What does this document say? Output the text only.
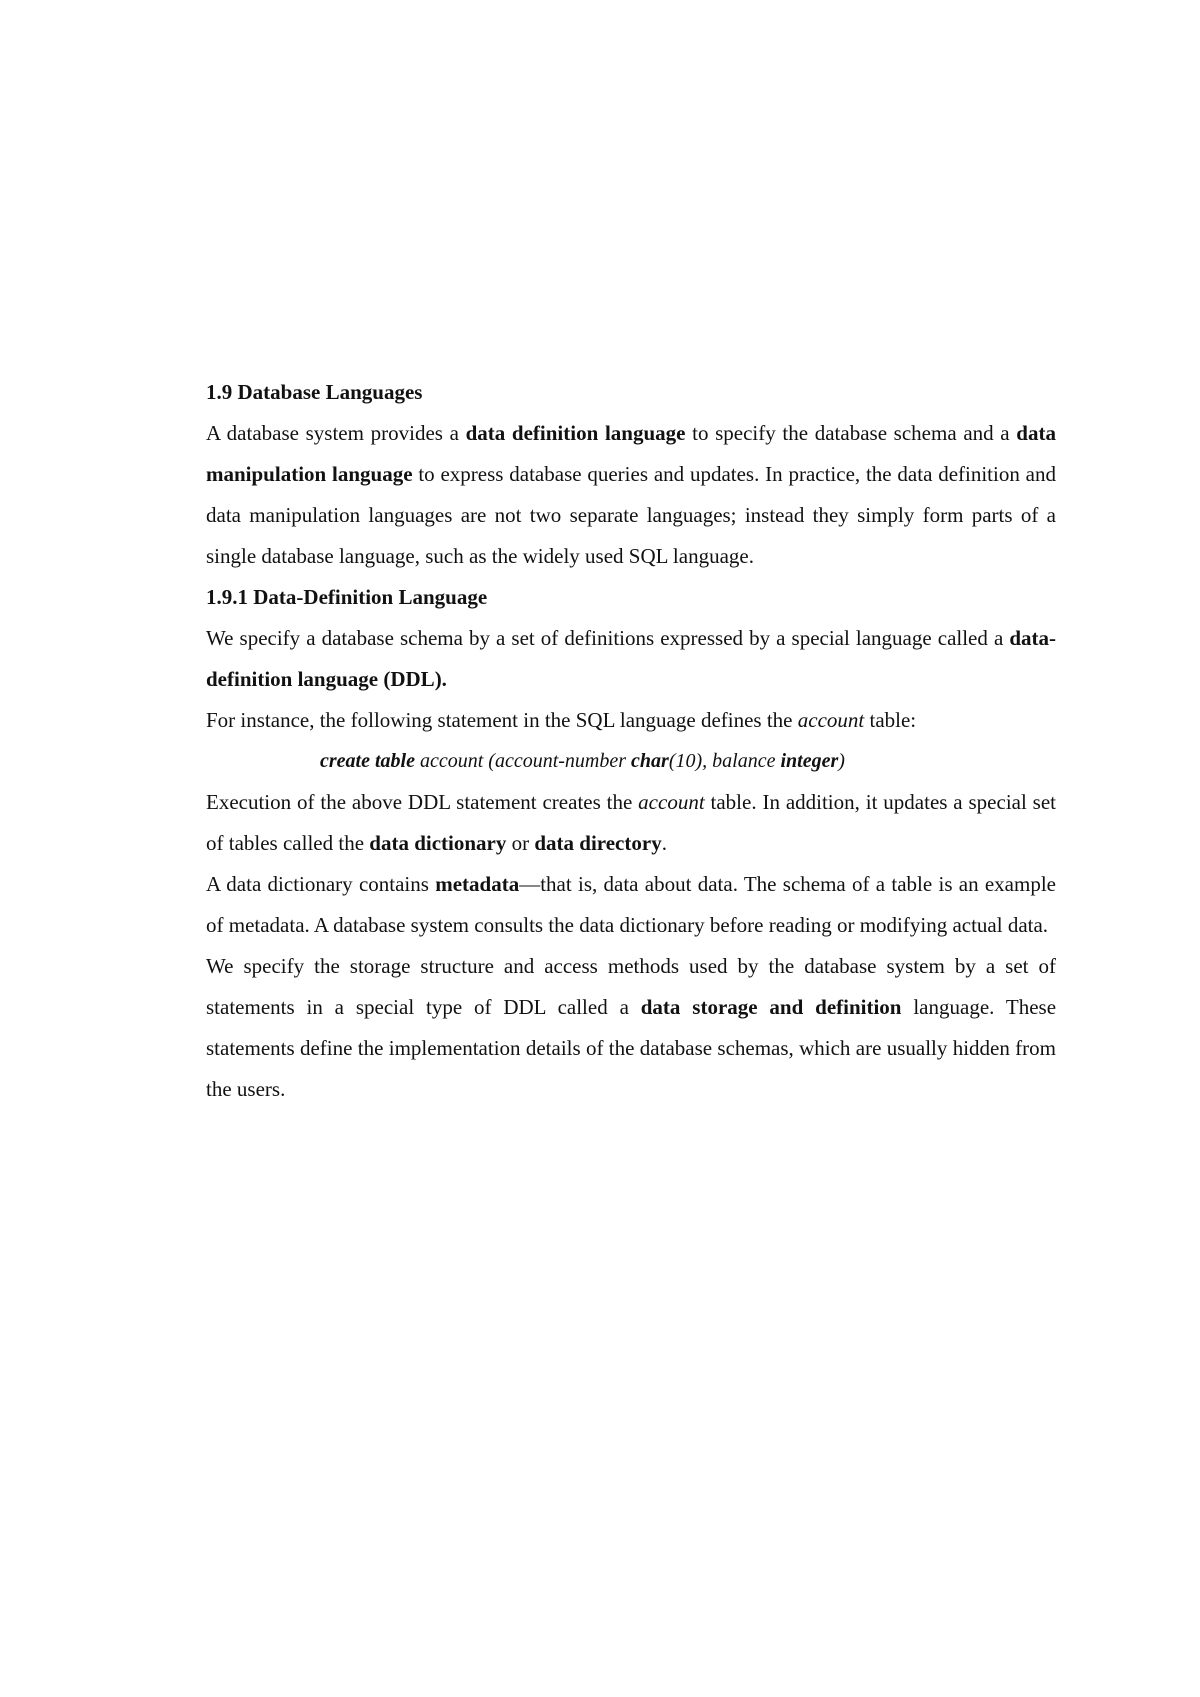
1.9 Database Languages

A database system provides a data definition language to specify the database schema and a data manipulation language to express database queries and updates. In practice, the data definition and data manipulation languages are not two separate languages; instead they simply form parts of a single database language, such as the widely used SQL language.

1.9.1 Data-Definition Language

We specify a database schema by a set of definitions expressed by a special language called a data-definition language (DDL).

For instance, the following statement in the SQL language defines the account table:

create table account (account-number char(10), balance integer)

Execution of the above DDL statement creates the account table. In addition, it updates a special set of tables called the data dictionary or data directory.

A data dictionary contains metadata—that is, data about data. The schema of a table is an example of metadata. A database system consults the data dictionary before reading or modifying actual data.

We specify the storage structure and access methods used by the database system by a set of statements in a special type of DDL called a data storage and definition language. These statements define the implementation details of the database schemas, which are usually hidden from the users.
